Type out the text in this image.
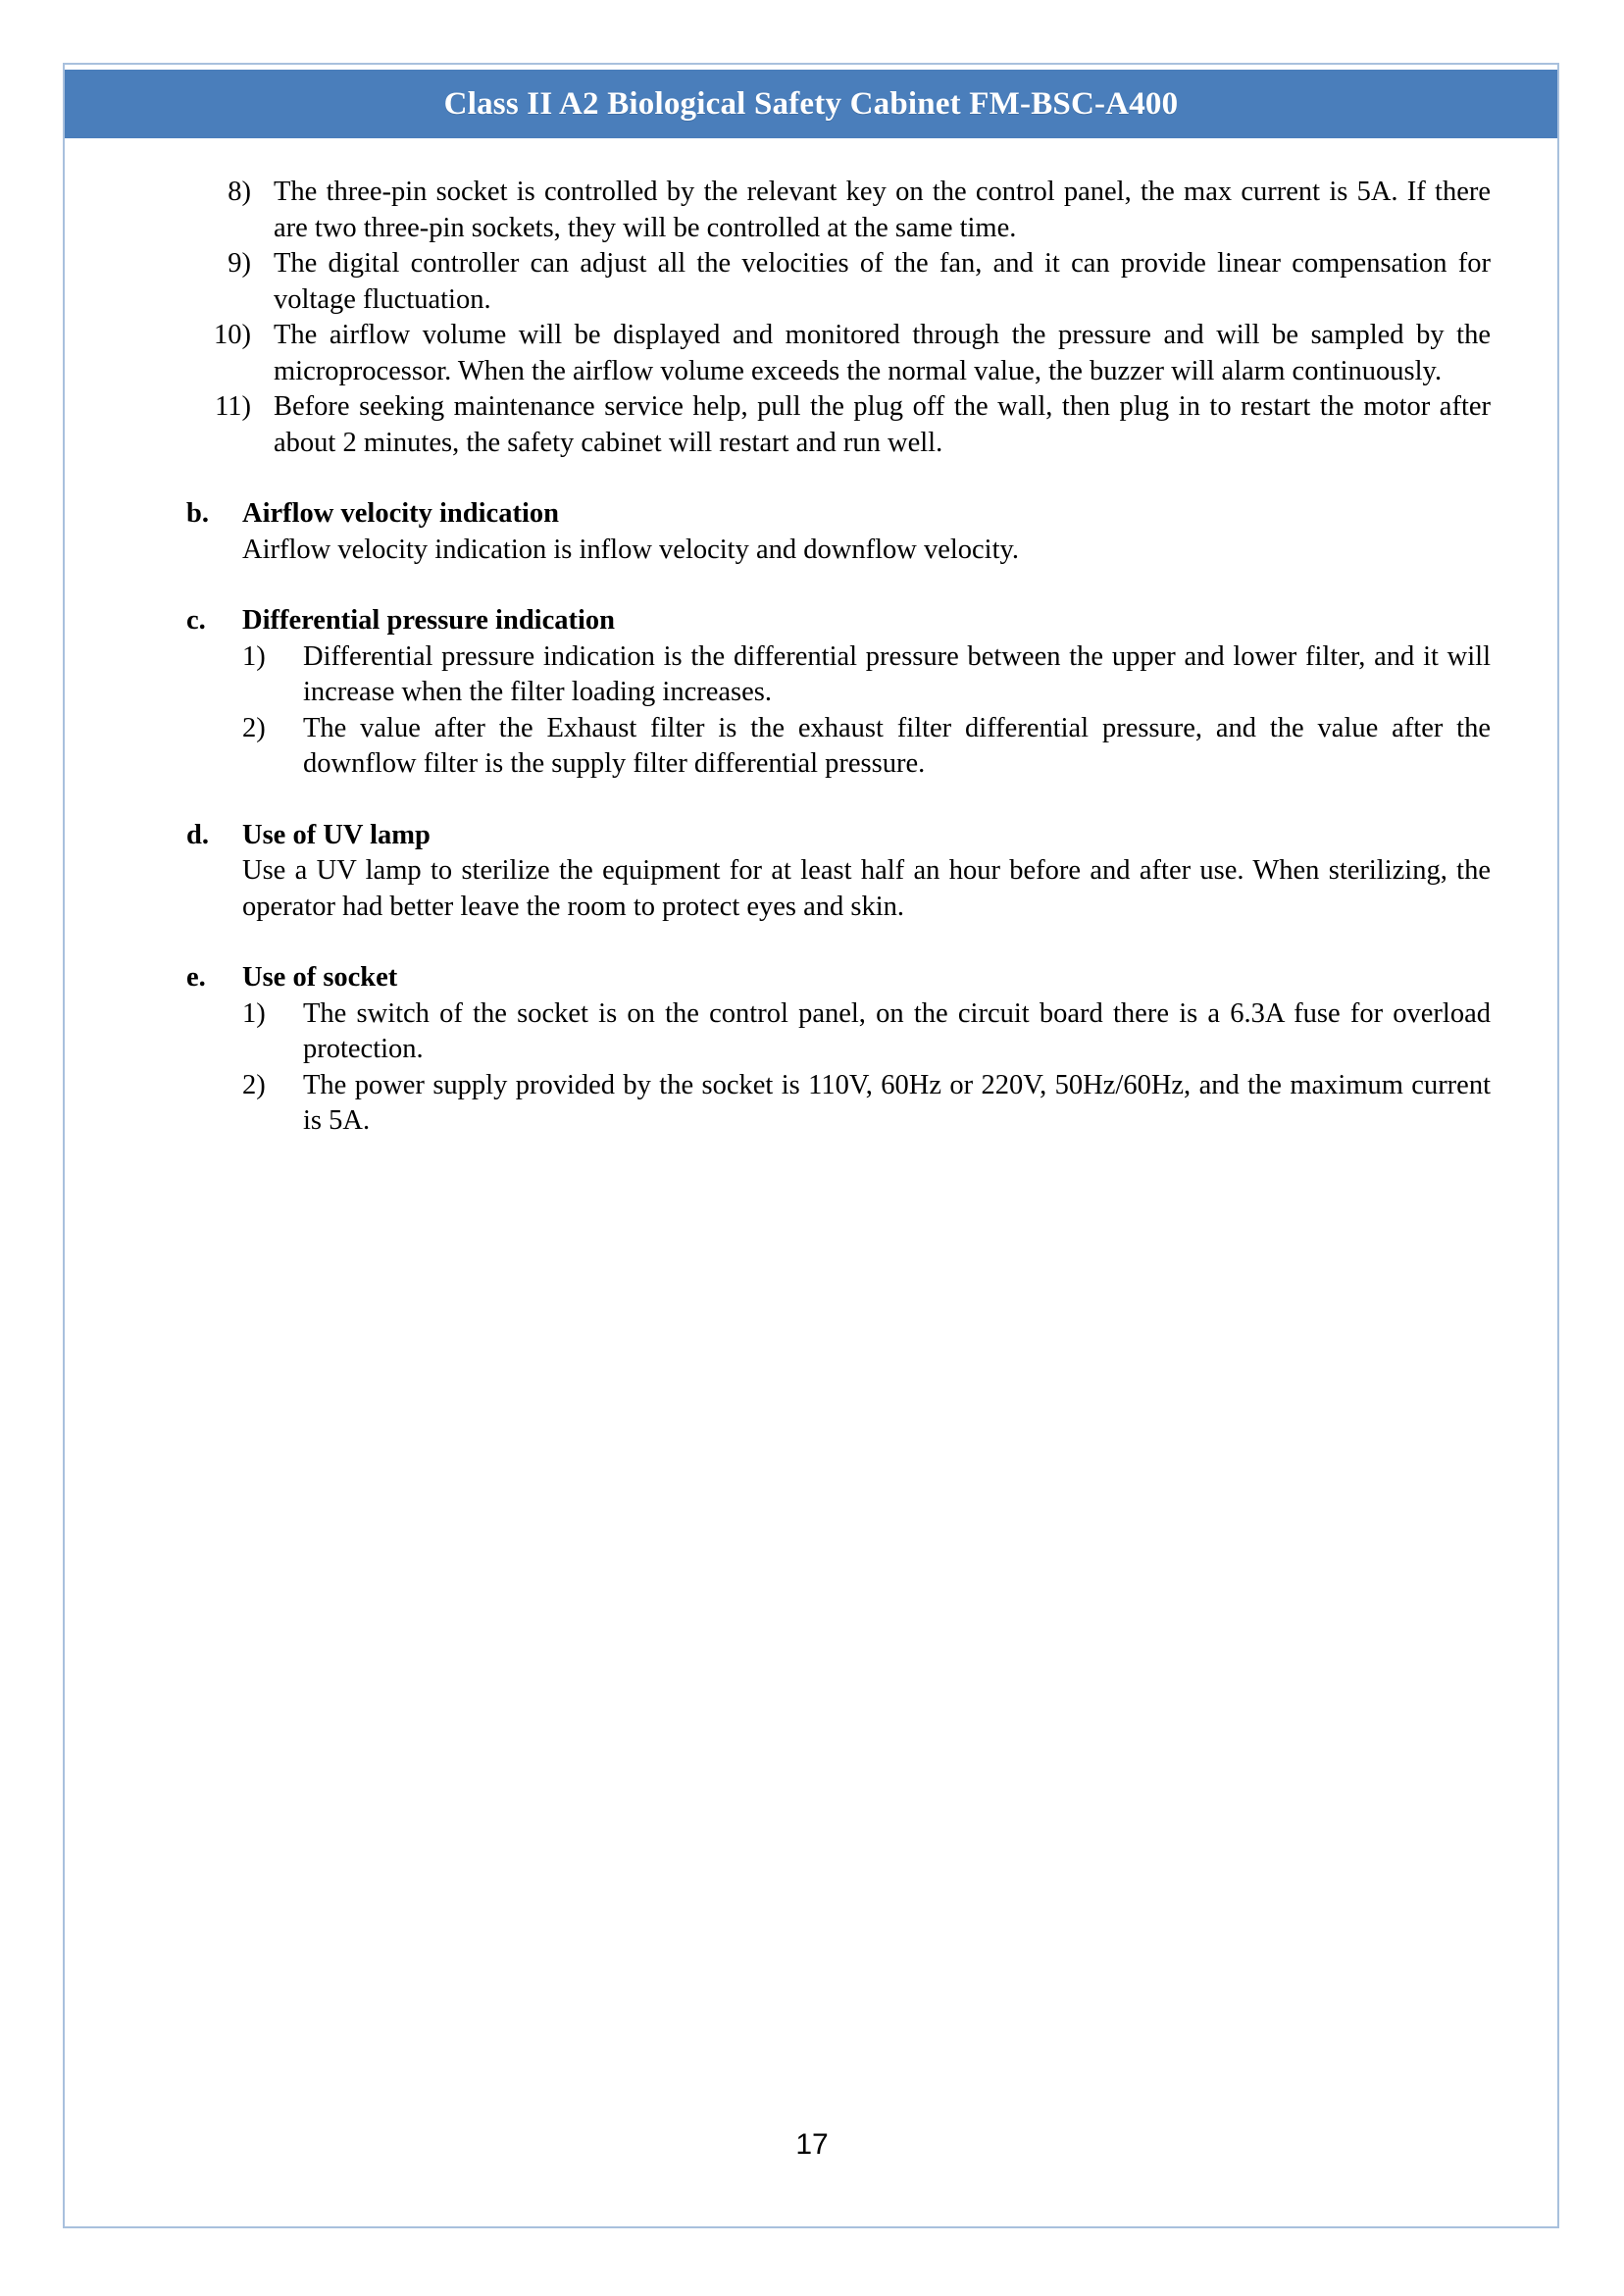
Class II A2 Biological Safety Cabinet FM-BSC-A400
8) The three-pin socket is controlled by the relevant key on the control panel, the max current is 5A. If there are two three-pin sockets, they will be controlled at the same time.
9) The digital controller can adjust all the velocities of the fan, and it can provide linear compensation for voltage fluctuation.
10) The airflow volume will be displayed and monitored through the pressure and will be sampled by the microprocessor. When the airflow volume exceeds the normal value, the buzzer will alarm continuously.
11) Before seeking maintenance service help, pull the plug off the wall, then plug in to restart the motor after about 2 minutes, the safety cabinet will restart and run well.
b.	Airflow velocity indication
Airflow velocity indication is inflow velocity and downflow velocity.
c.	Differential pressure indication
1)	Differential pressure indication is the differential pressure between the upper and lower filter, and it will increase when the filter loading increases.
2)	The value after the Exhaust filter is the exhaust filter differential pressure, and the value after the downflow filter is the supply filter differential pressure.
d.	Use of UV lamp
Use a UV lamp to sterilize the equipment for at least half an hour before and after use. When sterilizing, the operator had better leave the room to protect eyes and skin.
e.	Use of socket
1)	The switch of the socket is on the control panel, on the circuit board there is a 6.3A fuse for overload protection.
2)	The power supply provided by the socket is 110V, 60Hz or 220V, 50Hz/60Hz, and the maximum current is 5A.
17
